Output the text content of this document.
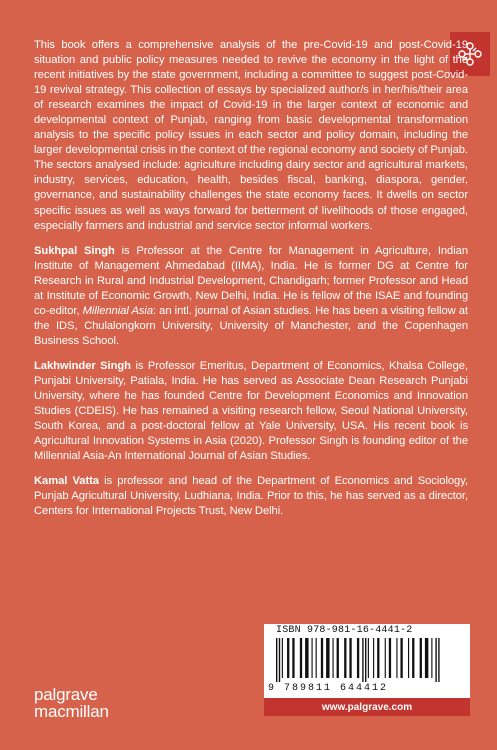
This book offers a comprehensive analysis of the pre-Covid-19 and post-Covid-19 situation and public policy measures needed to revive the economy in the light of the recent initiatives by the state government, including a committee to suggest post-Covid-19 revival strategy. This collection of essays by specialized author/s in her/his/their area of research examines the impact of Covid-19 in the larger context of economic and developmental context of Punjab, ranging from basic developmental transformation analysis to the specific policy issues in each sector and policy domain, including the larger developmental crisis in the context of the regional economy and society of Punjab. The sectors analysed include: agriculture including dairy sector and agricultural markets, industry, services, education, health, besides fiscal, banking, diaspora, gender, governance, and sustainability challenges the state economy faces. It dwells on sector specific issues as well as ways forward for betterment of livelihoods of those engaged, especially farmers and industrial and service sector informal workers.

Sukhpal Singh is Professor at the Centre for Management in Agriculture, Indian Institute of Management Ahmedabad (IIMA), India. He is former DG at Centre for Research in Rural and Industrial Development, Chandigarh; former Professor and Head at Institute of Economic Growth, New Delhi, India. He is fellow of the ISAE and founding co-editor, Millennial Asia: an intl. journal of Asian studies. He has been a visiting fellow at the IDS, Chulalongkorn University, University of Manchester, and the Copenhagen Business School.

Lakhwinder Singh is Professor Emeritus, Department of Economics, Khalsa College, Punjabi University, Patiala, India. He has served as Associate Dean Research Punjabi University, where he has founded Centre for Development Economics and Innovation Studies (CDEIS). He has remained a visiting research fellow, Seoul National University, South Korea, and a post-doctoral fellow at Yale University, USA. His recent book is Agricultural Innovation Systems in Asia (2020). Professor Singh is founding editor of the Millennial Asia-An International Journal of Asian Studies.

Kamal Vatta is professor and head of the Department of Economics and Sociology, Punjab Agricultural University, Ludhiana, India. Prior to this, he has served as a director, Centers for International Projects Trust, New Delhi.

ISBN 978-981-16-4441-2
9 789811 644412
www.palgrave.com
palgrave
macmillan
